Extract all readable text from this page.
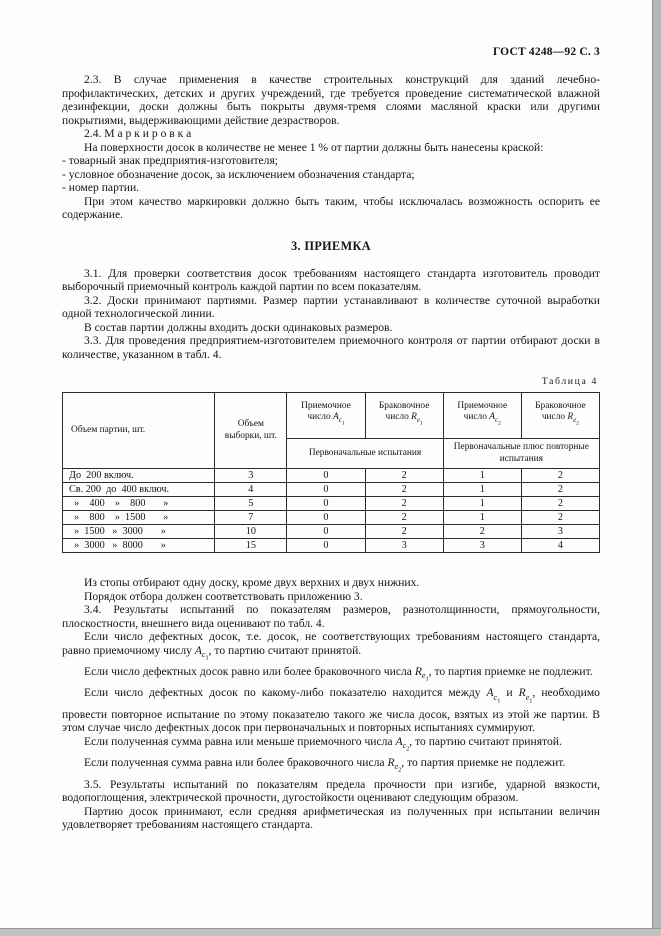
ГОСТ 4248—92 С. 3

2.3. В случае применения в качестве строительных конструкций для зданий лечебно-профилактических, детских и других учреждений, где требуется проведение систематической влажной дезинфекции, доски должны быть покрыты двумя-тремя слоями масляной краски или другими покрытиями, выдерживающими действие дезрастворов.

2.4. М а р к и р о в к а

На поверхности досок в количестве не менее 1 % от партии должны быть нанесены краской:

- товарный знак предприятия-изготовителя;

- условное обозначение досок, за исключением обозначения стандарта;

- номер партии.

При этом качество маркировки должно быть таким, чтобы исключалась возможность оспорить ее содержание.

3. ПРИЕМКА

3.1. Для проверки соответствия досок требованиям настоящего стандарта изготовитель проводит выборочный приемочный контроль каждой партии по всем показателям.

3.2. Доски принимают партиями. Размер партии устанавливают в количестве суточной выработки одной технологической линии.

В состав партии должны входить доски одинаковых размеров.

3.3. Для проведения предприятием-изготовителем приемочного контроля от партии отбирают доски в количестве, указанном в табл. 4.

Таблица 4
Объем партии, шт.	Объем выборки, шт.	Приемочное число $A_{c_1}$	Браковочное число $R_{e_1}$	Приемочное число $A_{c_2}$	Браковочное число $R_{e_2}$
		Первоначальные испытания		Первоначальные плюс повторные испытания	
До  200 включ.	3	0	2	1	2
Св. 200  до  400 включ.	4	0	2	1	2
»    400    »    800       »	5	0	2	1	2
»    800    »  1500       »	7	0	2	1	2
»  1500   »  3000       »	10	0	2	2	3
»  3000   »  8000       »	15	0	3	3	4

Из стопы отбирают одну доску, кроме двух верхних и двух нижних.

Порядок отбора должен соответствовать приложению 3.

3.4. Результаты испытаний по показателям размеров, разнотолщинности, прямоугольности, плоскостности, внешнего вида оценивают по табл. 4.

Если число дефектных досок, т.е. досок, не соответствующих требованиям настоящего стандарта, равно приемочному числу $A_{c_1}$, то партию считают принятой.

Если число дефектных досок равно или более браковочного числа $R_{e_1}$, то партия приемке не подлежит.

Если число дефектных досок по какому-либо показателю находится между $A_{c_1}$ и $R_{e_1}$, необходимо провести повторное испытание по этому показателю такого же числа досок, взятых из этой же партии. В этом случае число дефектных досок при первоначальных и повторных испытаниях суммируют.

Если полученная сумма равна или меньше приемочного числа $A_{c_2}$, то партию считают принятой.

Если полученная сумма равна или более браковочного числа $R_{e_2}$, то партия приемке не подлежит.

3.5. Результаты испытаний по показателям предела прочности при изгибе, ударной вязкости, водопоглощения, электрической прочности, дугостойкости оценивают следующим образом.

Партию досок принимают, если средняя арифметическая из полученных при испытании величин удовлетворяет требованиям настоящего стандарта.
